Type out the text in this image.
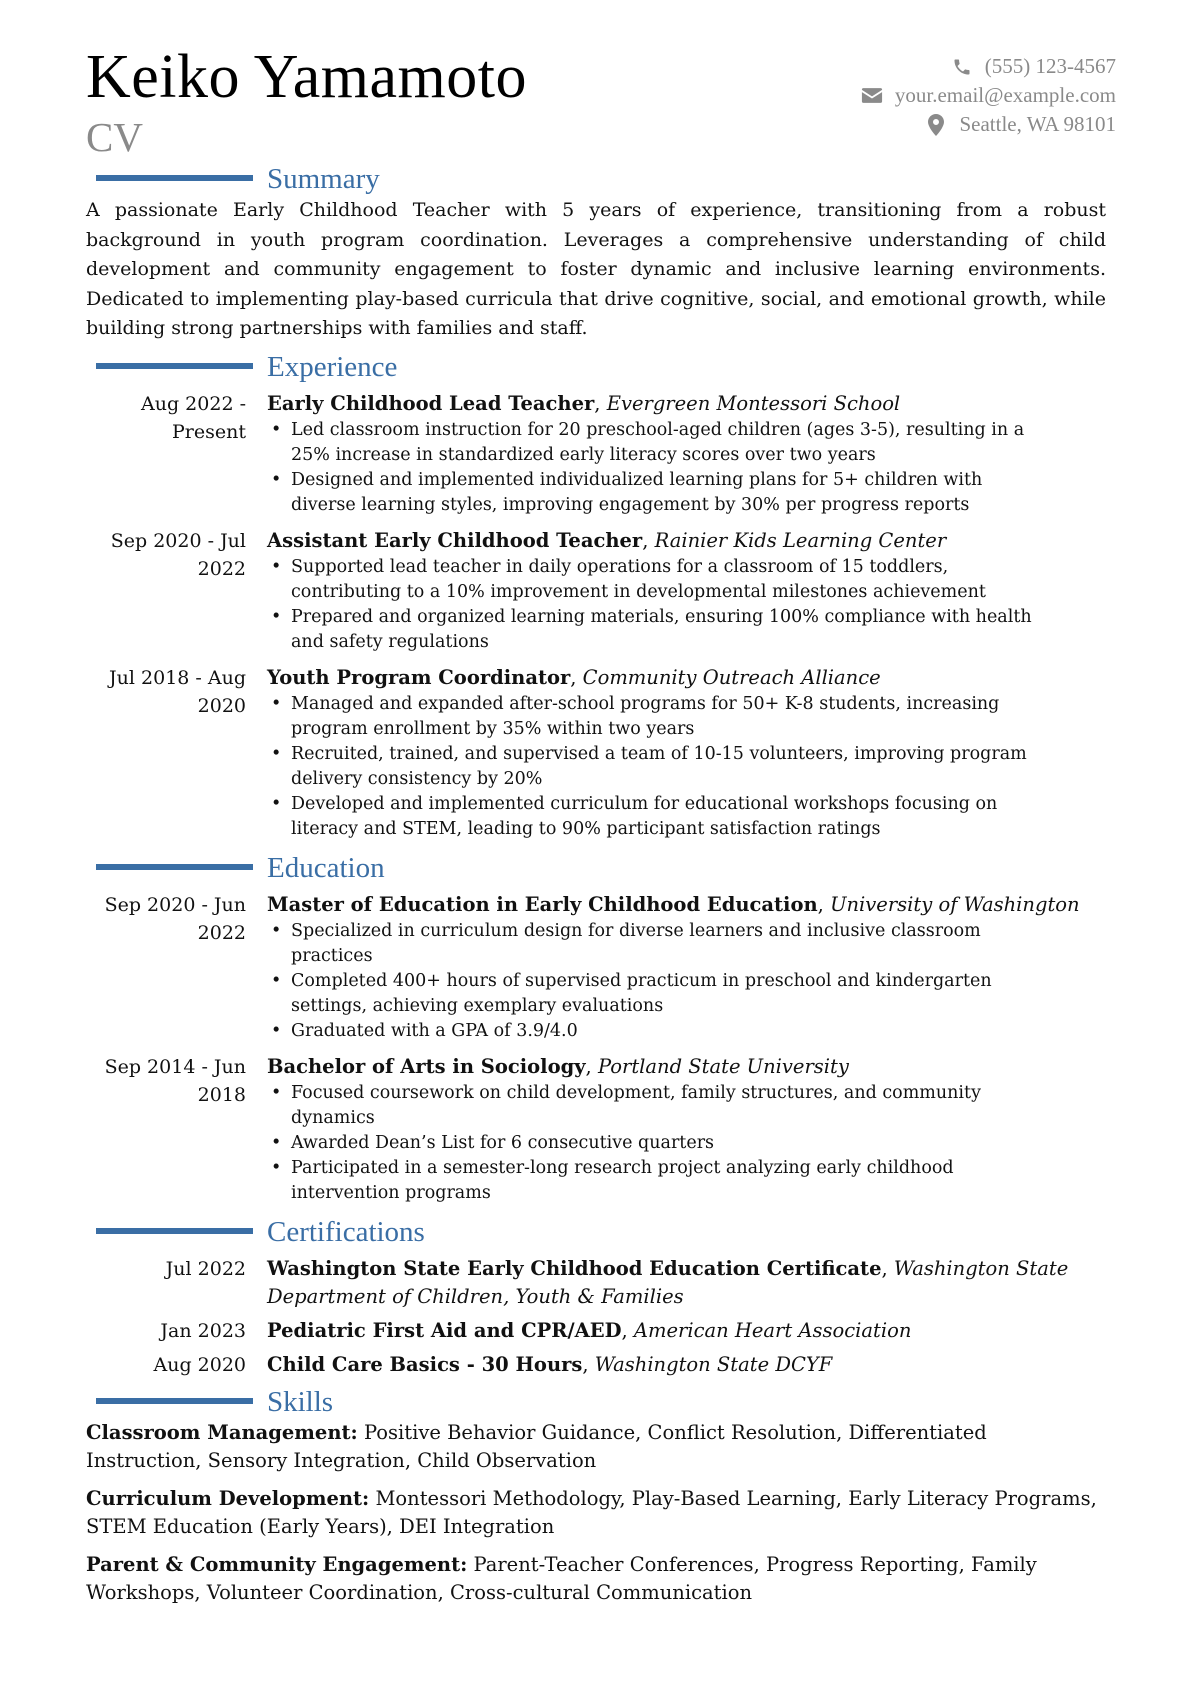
Keiko Yamamoto
CV
(555) 123-4567
your.email@example.com
Seattle, WA 98101
Summary
A passionate Early Childhood Teacher with 5 years of experience, transitioning from a robust background in youth program coordination. Leverages a comprehensive understanding of child development and community engagement to foster dynamic and inclusive learning environments. Dedicated to implementing play-based curricula that drive cognitive, social, and emotional growth, while building strong partnerships with families and staff.
Experience
Aug 2022 - Present
Early Childhood Lead Teacher, Evergreen Montessori School
• Led classroom instruction for 20 preschool-aged children (ages 3-5), resulting in a 25% increase in standardized early literacy scores over two years
• Designed and implemented individualized learning plans for 5+ children with diverse learning styles, improving engagement by 30% per progress reports
Sep 2020 - Jul 2022
Assistant Early Childhood Teacher, Rainier Kids Learning Center
• Supported lead teacher in daily operations for a classroom of 15 toddlers, contributing to a 10% improvement in developmental milestones achievement
• Prepared and organized learning materials, ensuring 100% compliance with health and safety regulations
Jul 2018 - Aug 2020
Youth Program Coordinator, Community Outreach Alliance
• Managed and expanded after-school programs for 50+ K-8 students, increasing program enrollment by 35% within two years
• Recruited, trained, and supervised a team of 10-15 volunteers, improving program delivery consistency by 20%
• Developed and implemented curriculum for educational workshops focusing on literacy and STEM, leading to 90% participant satisfaction ratings
Education
Sep 2020 - Jun 2022
Master of Education in Early Childhood Education, University of Washington
• Specialized in curriculum design for diverse learners and inclusive classroom practices
• Completed 400+ hours of supervised practicum in preschool and kindergarten settings, achieving exemplary evaluations
• Graduated with a GPA of 3.9/4.0
Sep 2014 - Jun 2018
Bachelor of Arts in Sociology, Portland State University
• Focused coursework on child development, family structures, and community dynamics
• Awarded Dean’s List for 6 consecutive quarters
• Participated in a semester-long research project analyzing early childhood intervention programs
Certifications
Jul 2022	Washington State Early Childhood Education Certificate, Washington State Department of Children, Youth & Families
Jan 2023	Pediatric First Aid and CPR/AED, American Heart Association
Aug 2020	Child Care Basics - 30 Hours, Washington State DCYF
Skills
Classroom Management: Positive Behavior Guidance, Conflict Resolution, Differentiated Instruction, Sensory Integration, Child Observation
Curriculum Development: Montessori Methodology, Play-Based Learning, Early Literacy Programs, STEM Education (Early Years), DEI Integration
Parent & Community Engagement: Parent-Teacher Conferences, Progress Reporting, Family Workshops, Volunteer Coordination, Cross-cultural Communication
